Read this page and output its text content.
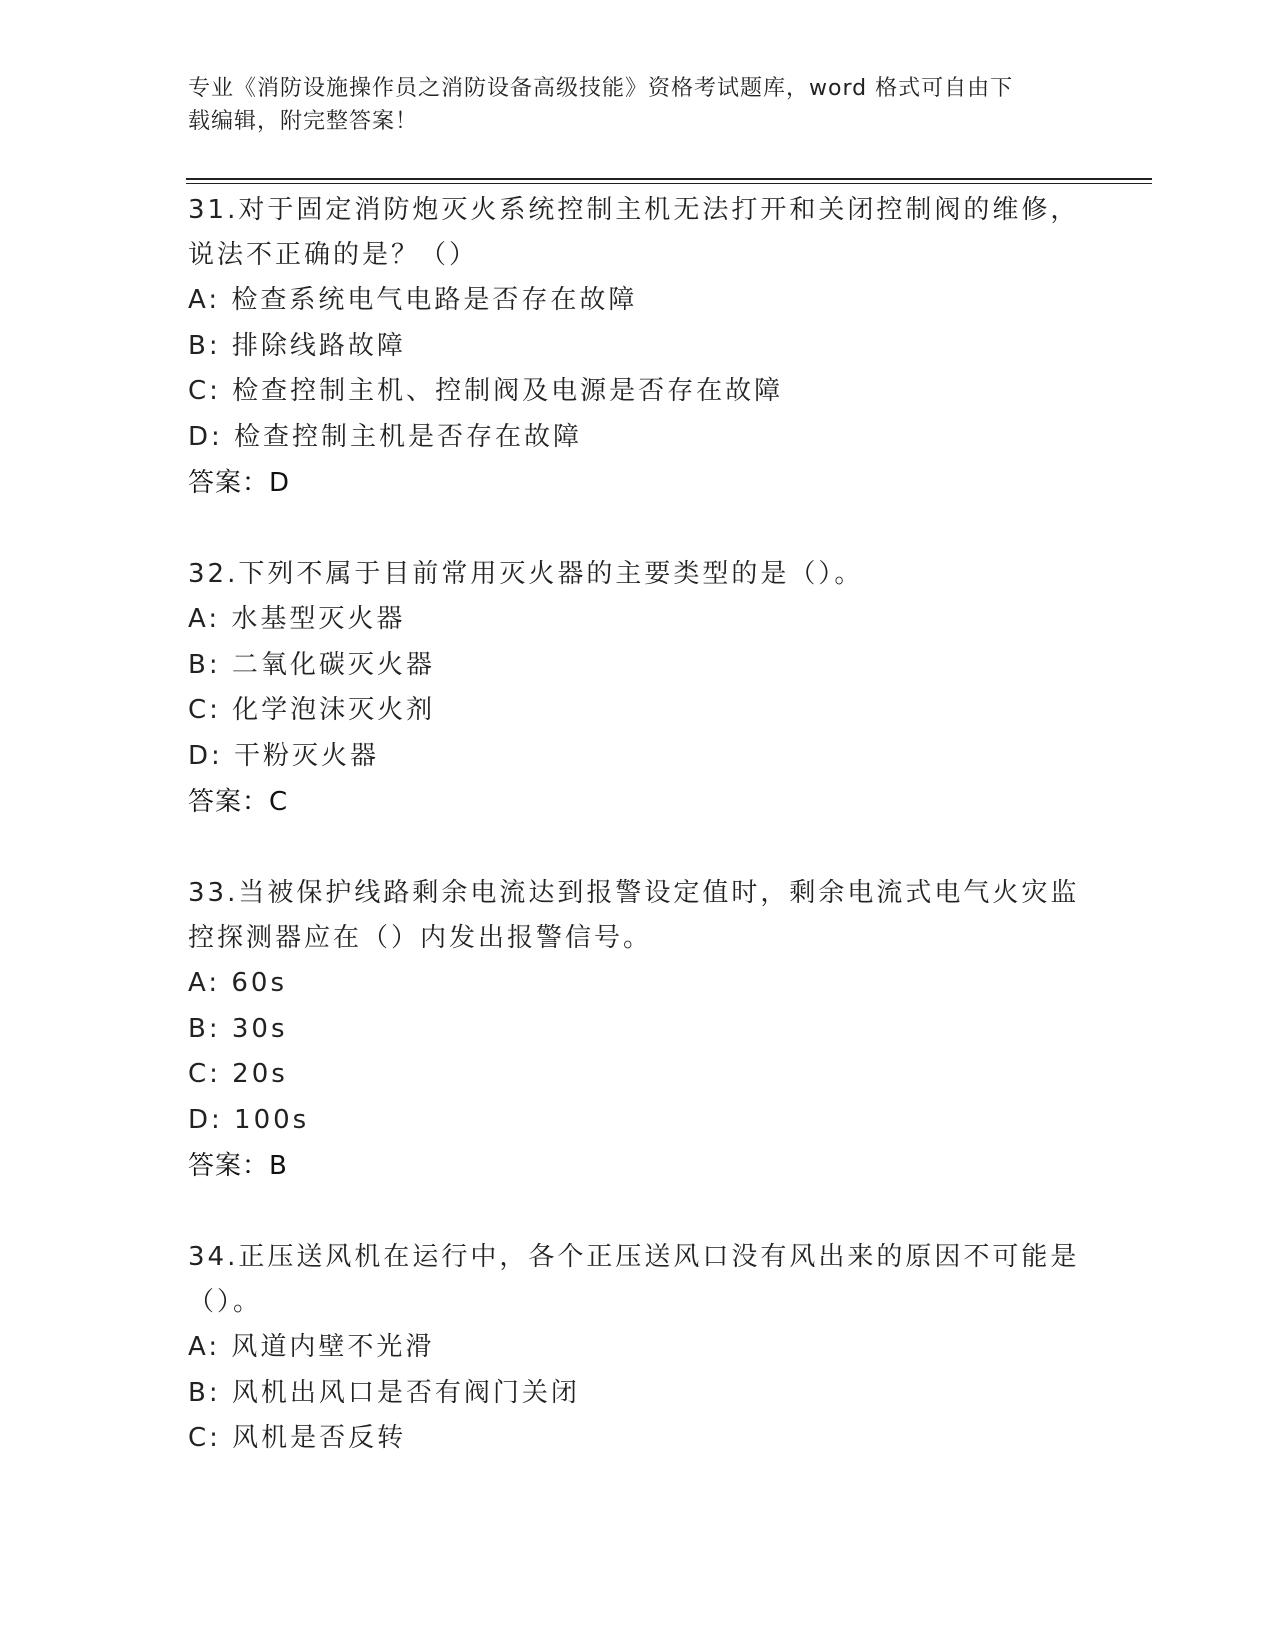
专业《消防设施操作员之消防设备高级技能》资格考试题库，word 格式可自由下
载编辑，附完整答案！
31.对于固定消防炮灭火系统控制主机无法打开和关闭控制阀的维修，
说法不正确的是？（）
A: 检查系统电气电路是否存在故障
B: 排除线路故障
C: 检查控制主机、控制阀及电源是否存在故障
D: 检查控制主机是否存在故障
答案：D
32.下列不属于目前常用灭火器的主要类型的是（）。
A: 水基型灭火器
B: 二氧化碳灭火器
C: 化学泡沫灭火剂
D: 干粉灭火器
答案：C
33.当被保护线路剩余电流达到报警设定值时，剩余电流式电气火灾监
控探测器应在（）内发出报警信号。
A: 60s
B: 30s
C: 20s
D: 100s
答案：B
34.正压送风机在运行中，各个正压送风口没有风出来的原因不可能是
（）。
A: 风道内壁不光滑
B: 风机出风口是否有阀门关闭
C: 风机是否反转
